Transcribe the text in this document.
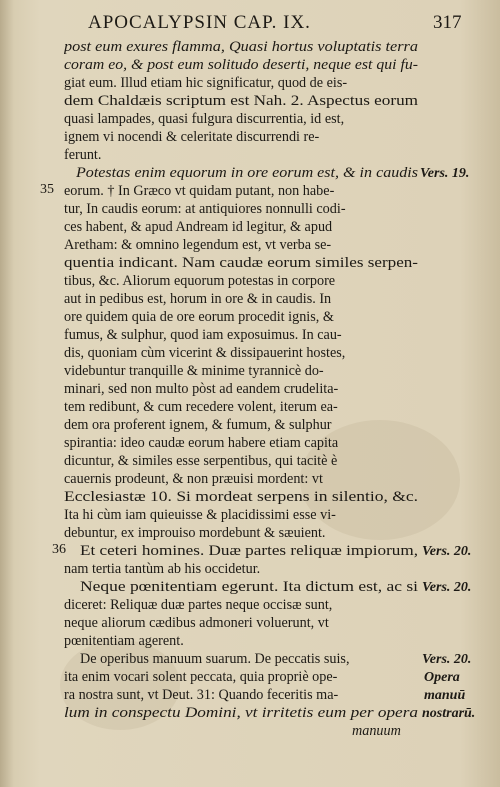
APOCALYPSIN CAP. IX.	317
post eum exures flamma, Quasi hortus voluptatis terra
coram eo, & post eum solitudo deserti, neque est qui fu-
giat eum. Illud etiam hic significatur, quod de eis-
dem Chaldæis scriptum est Nah. 2. Aspectus eorum
quasi lampades, quasi fulgura discurrentia, id est,
ignem vi nocendi & celeritate discurrendi re-
ferunt.
Potestas enim equorum in ore eorum est, & in caudis
eorum. † In Græco vt quidam putant, non habe-
tur, In caudis eorum: at antiquiores nonnulli codi-
ces habent, & apud Andream id legitur, & apud
Aretham: & omnino legendum est, vt verba se-
quentia indicant. Nam caudæ eorum similes serpen-
tibus, &c. Aliorum equorum potestas in corpore
aut in pedibus est, horum in ore & in caudis. In
ore quidem quia de ore eorum procedit ignis, &
fumus, & sulphur, quod iam exposuimus. In cau-
dis, quoniam cùm vicerint & dissipauerint hostes,
videbuntur tranquille & minime tyrannicè do-
minari, sed non multo pòst ad eandem crudelita-
tem redibunt, & cum recedere volent, iterum ea-
dem ora proferent ignem, & fumum, & sulphur
spirantia: ideo caudæ eorum habere etiam capita
dicuntur, & similes esse serpentibus, qui tacitè è
cauernis prodeunt, & non præuisi mordent: vt
Ecclesiastæ 10. Si mordeat serpens in silentio, &c.
Ita hi cùm iam quieuisse & placidissimi esse vi-
debuntur, ex improuiso mordebunt & sæuient.
Et ceteri homines. Duæ partes reliquæ impiorum,
nam tertia tantùm ab his occidetur.
Neque pœnitentiam egerunt. Ita dictum est, ac si
diceret: Reliquæ duæ partes neque occisæ sunt,
neque aliorum cædibus admoneri voluerunt, vt
pœnitentiam agerent.
De operibus manuum suarum. De peccatis suis,
ita enim vocari solent peccata, quia propriè ope-
ra nostra sunt, vt Deut. 31: Quando feceritis ma-
lum in conspectu Domini, vt irritetis eum per opera
manuum
35
36
Vers. 19.
Vers. 20.
Vers. 20.
Vers. 20.
Opera
manuū
nostrarū.
